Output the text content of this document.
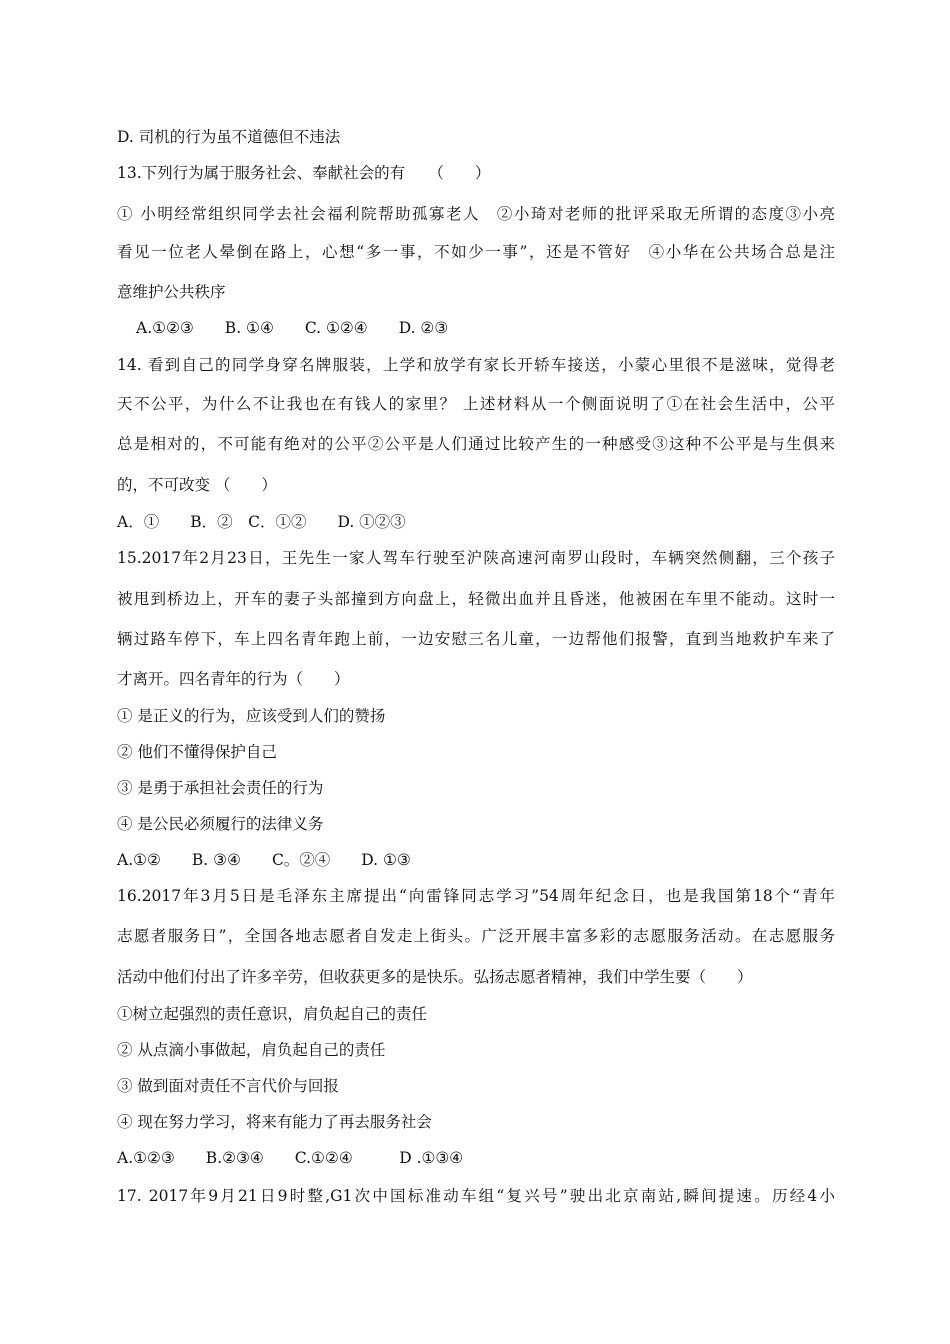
D. 司机的行为虽不道德但不违法
13.下列行为属于服务社会、奉献社会的有　　（　　）
① 小明经常组织同学去社会福利院帮助孤寡老人　②小琦对老师的批评采取无所谓的态度③小亮
看见一位老人晕倒在路上，心想“多一事，不如少一事”，还是不管好　④小华在公共场合总是注
意维护公共秩序
A.①②③　　B. ①④　　C. ①②④　　D. ②③
14. 看到自己的同学身穿名牌服装，上学和放学有家长开轿车接送，小蒙心里很不是滋味，觉得老
天不公平，为什么不让我也在有钱人的家里？ 上述材料从一个侧面说明了①在社会生活中，公平
总是相对的，不可能有绝对的公平②公平是人们通过比较产生的一种感受③这种不公平是与生俱来
的，不可改变 （　　）
A．①　　B．②　C．①②　　D. ①②③
15.2017年2月23日，王先生一家人驾车行驶至沪陕高速河南罗山段时，车辆突然侧翻，三个孩子
被甩到桥边上，开车的妻子头部撞到方向盘上，轻微出血并且昏迷，他被困在车里不能动。这时一
辆过路车停下，车上四名青年跑上前，一边安慰三名儿童，一边帮他们报警，直到当地救护车来了
才离开。四名青年的行为（　　）
① 是正义的行为，应该受到人们的赞扬
② 他们不懂得保护自己
③ 是勇于承担社会责任的行为
④ 是公民必须履行的法律义务
A.①②　　B. ③④　　C。②④　　D. ①③
16.2017年3月5日是毛泽东主席提出“向雷锋同志学习”54周年纪念日，也是我国第18个“青年
志愿者服务日”，全国各地志愿者自发走上街头。广泛开展丰富多彩的志愿服务活动。在志愿服务
活动中他们付出了许多辛劳，但收获更多的是快乐。弘扬志愿者精神，我们中学生要（　　）
①树立起强烈的责任意识，肩负起自己的责任
② 从点滴小事做起，肩负起自己的责任
③ 做到面对责任不言代价与回报
④ 现在努力学习，将来有能力了再去服务社会
A.①②③　　B.②③④　　C.①②④　　　D .①③④
17. 2017年9月21日9时整,G1次中国标准动车组“复兴号”驶出北京南站,瞬间提速。历经4小
